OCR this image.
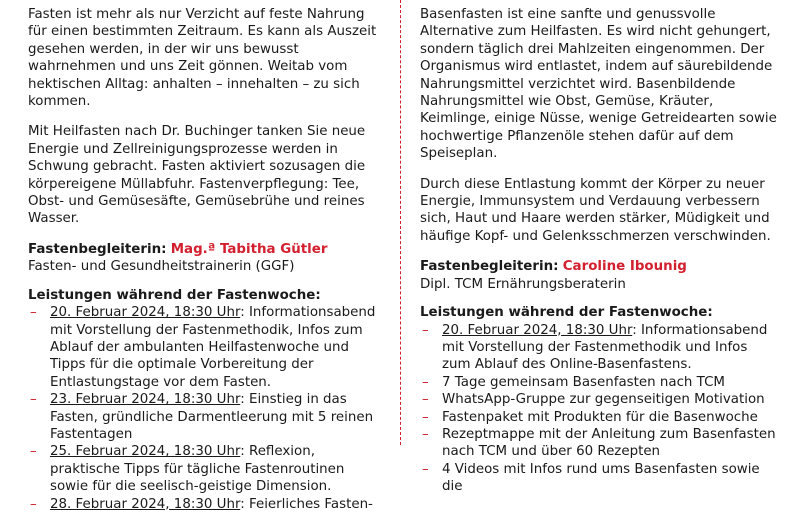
Fasten ist mehr als nur Verzicht auf feste Nahrung für einen bestimmten Zeitraum. Es kann als Auszeit gesehen werden, in der wir uns bewusst wahrnehmen und uns Zeit gönnen. Weitab vom hektischen Alltag: anhalten – innehalten – zu sich kommen.

Mit Heilfasten nach Dr. Buchinger tanken Sie neue Energie und Zellreinigungsprozesse werden in Schwung gebracht. Fasten aktiviert sozusagen die körpereigene Müllabfuhr. Fastenverpflegung: Tee, Obst- und Gemüsesäfte, Gemüsebrühe und reines Wasser.

Fastenbegleiterin: Mag.ª Tabitha Gütler
Fasten- und Gesundheitstrainerin (GGF)
Leistungen während der Fastenwoche:
– 20. Februar 2024, 18:30 Uhr: Informationsabend mit Vorstellung der Fastenmethodik, Infos zum Ablauf der ambulanten Heilfastenwoche und Tipps für die optimale Vorbereitung der Entlastungstage vor dem Fasten.
– 23. Februar 2024, 18:30 Uhr: Einstieg in das Fasten, gründliche Darmentleerung mit 5 reinen Fastentagen
– 25. Februar 2024, 18:30 Uhr: Reflexion, praktische Tipps für tägliche Fastenroutinen sowie für die seelisch-geistige Dimension.
– 28. Februar 2024, 18:30 Uhr: Feierliches Fasten-

Basenfasten ist eine sanfte und genussvolle Alternative zum Heilfasten. Es wird nicht gehungert, sondern täglich drei Mahlzeiten eingenommen. Der Organismus wird entlastet, indem auf säurebildende Nahrungsmittel verzichtet wird. Basenbildende Nahrungsmittel wie Obst, Gemüse, Kräuter, Keimlinge, einige Nüsse, wenige Getreidearten sowie hochwertige Pflanzenöle stehen dafür auf dem Speiseplan.

Durch diese Entlastung kommt der Körper zu neuer Energie, Immunsystem und Verdauung verbessern sich, Haut und Haare werden stärker, Müdigkeit und häufige Kopf- und Gelenksschmerzen verschwinden.

Fastenbegleiterin: Caroline Ibounig
Dipl. TCM Ernährungsberaterin
Leistungen während der Fastenwoche:
– 20. Februar 2024, 18:30 Uhr: Informationsabend mit Vorstellung der Fastenmethodik und Infos zum Ablauf des Online-Basenfastens.
– 7 Tage gemeinsam Basenfasten nach TCM
– WhatsApp-Gruppe zur gegenseitigen Motivation
– Fastenpaket mit Produkten für die Basenwoche
– Rezeptmappe mit der Anleitung zum Basenfasten nach TCM und über 60 Rezepten
– 4 Videos mit Infos rund ums Basenfasten sowie die
